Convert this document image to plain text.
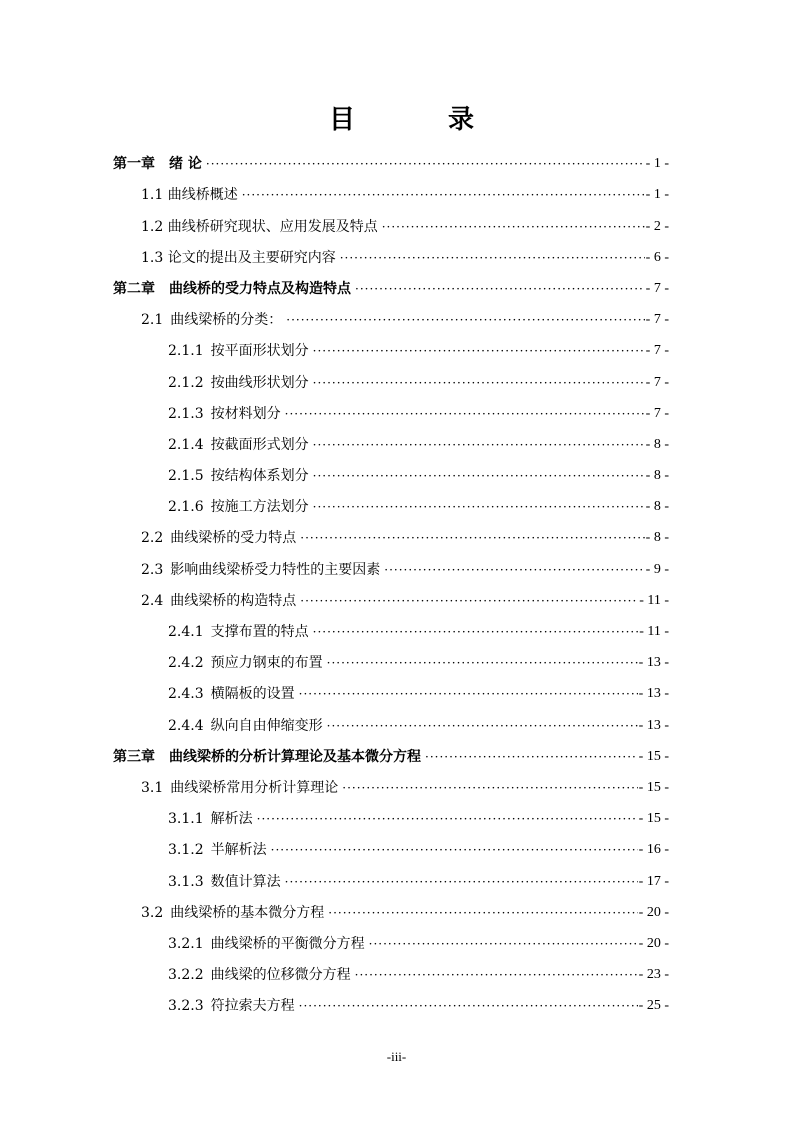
目 录
第一章  绪 论 ·····	- 1 -
1.1 曲线桥概述 ·····	- 1 -
1.2 曲线桥研究现状、应用发展及特点 ·····	- 2 -
1.3 论文的提出及主要研究内容 ·····	- 6 -
第二章  曲线桥的受力特点及构造特点 ·····	- 7 -
2.1  曲线梁桥的分类： ·····	- 7 -
2.1.1  按平面形状划分 ·····	- 7 -
2.1.2  按曲线形状划分 ·····	- 7 -
2.1.3  按材料划分 ·····	- 7 -
2.1.4  按截面形式划分 ·····	- 8 -
2.1.5  按结构体系划分 ·····	- 8 -
2.1.6  按施工方法划分 ·····	- 8 -
2.2  曲线梁桥的受力特点 ·····	- 8 -
2.3  影响曲线梁桥受力特性的主要因素 ·····	- 9 -
2.4  曲线梁桥的构造特点 ·····	- 11 -
2.4.1  支撑布置的特点 ·····	- 11 -
2.4.2  预应力钢束的布置 ·····	- 13 -
2.4.3  横隔板的设置 ·····	- 13 -
2.4.4  纵向自由伸缩变形 ·····	- 13 -
第三章  曲线梁桥的分析计算理论及基本微分方程 ·····	- 15 -
3.1  曲线梁桥常用分析计算理论 ·····	- 15 -
3.1.1  解析法 ·····	- 15 -
3.1.2  半解析法 ·····	- 16 -
3.1.3  数值计算法 ·····	- 17 -
3.2  曲线梁桥的基本微分方程 ·····	- 20 -
3.2.1  曲线梁桥的平衡微分方程 ·····	- 20 -
3.2.2  曲线梁的位移微分方程 ·····	- 23 -
3.2.3  符拉索夫方程 ·····	- 25 -
-iii-
